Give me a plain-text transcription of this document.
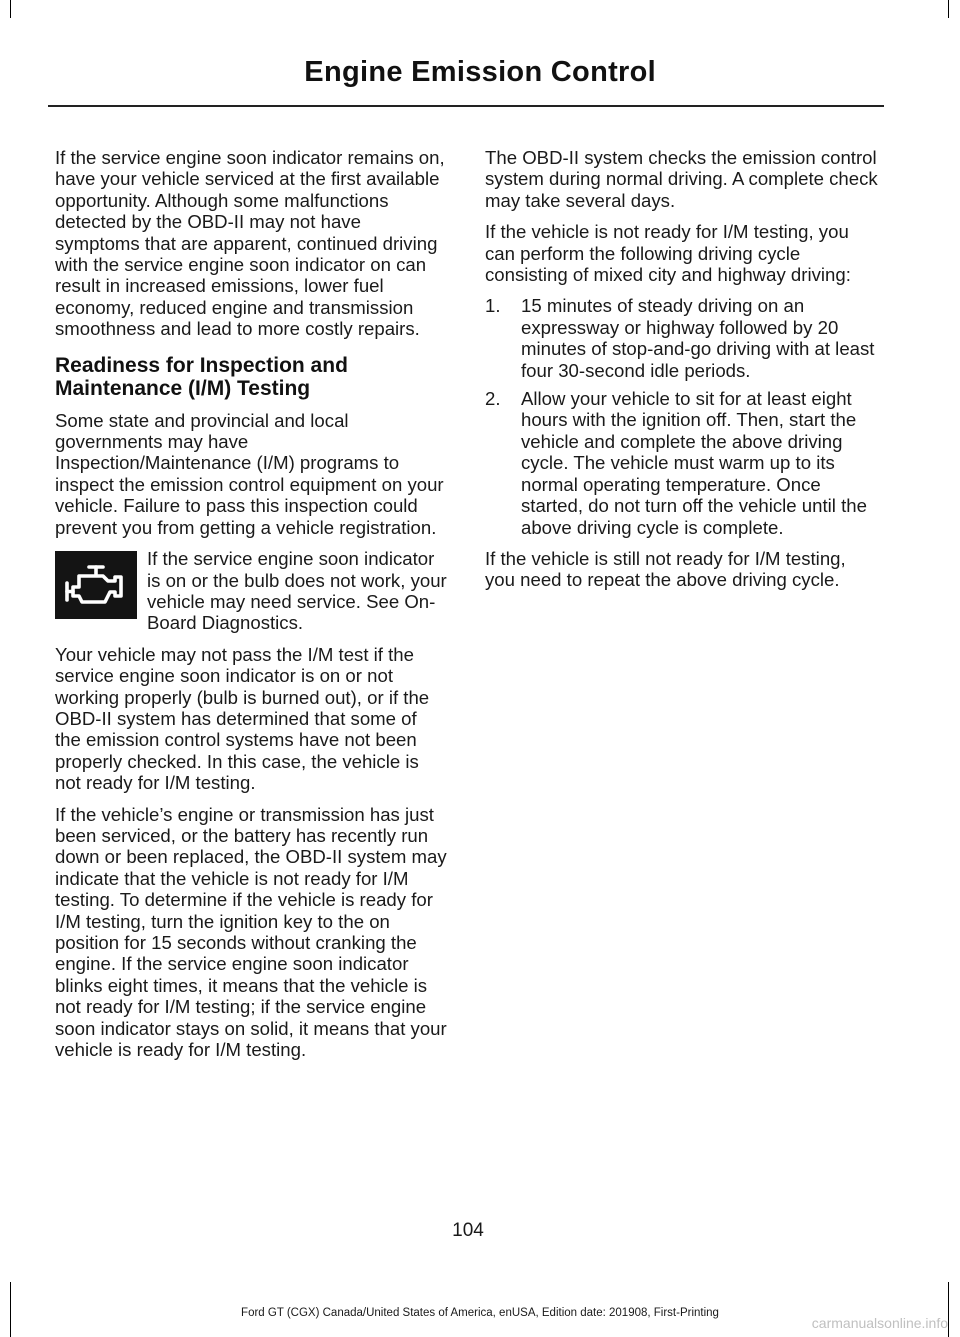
Engine Emission Control

If the service engine soon indicator remains on, have your vehicle serviced at the first available opportunity. Although some malfunctions detected by the OBD-II may not have symptoms that are apparent, continued driving with the service engine soon indicator on can result in increased emissions, lower fuel economy, reduced engine and transmission smoothness and lead to more costly repairs.

Readiness for Inspection and Maintenance (I/M) Testing

Some state and provincial and local governments may have Inspection/Maintenance (I/M) programs to inspect the emission control equipment on your vehicle. Failure to pass this inspection could prevent you from getting a vehicle registration.

If the service engine soon indicator is on or the bulb does not work, your vehicle may need service. See On-Board Diagnostics.

Your vehicle may not pass the I/M test if the service engine soon indicator is on or not working properly (bulb is burned out), or if the OBD-II system has determined that some of the emission control systems have not been properly checked. In this case, the vehicle is not ready for I/M testing.

If the vehicle’s engine or transmission has just been serviced, or the battery has recently run down or been replaced, the OBD-II system may indicate that the vehicle is not ready for I/M testing. To determine if the vehicle is ready for I/M testing, turn the ignition key to the on position for 15 seconds without cranking the engine. If the service engine soon indicator blinks eight times, it means that the vehicle is not ready for I/M testing; if the service engine soon indicator stays on solid, it means that your vehicle is ready for I/M testing.

The OBD-II system checks the emission control system during normal driving. A complete check may take several days.

If the vehicle is not ready for I/M testing, you can perform the following driving cycle consisting of mixed city and highway driving:

1. 15 minutes of steady driving on an expressway or highway followed by 20 minutes of stop-and-go driving with at least four 30-second idle periods.
2. Allow your vehicle to sit for at least eight hours with the ignition off. Then, start the vehicle and complete the above driving cycle. The vehicle must warm up to its normal operating temperature. Once started, do not turn off the vehicle until the above driving cycle is complete.

If the vehicle is still not ready for I/M testing, you need to repeat the above driving cycle.

104
Ford GT (CGX) Canada/United States of America, enUSA, Edition date: 201908, First-Printing
carmanualsonline.info
